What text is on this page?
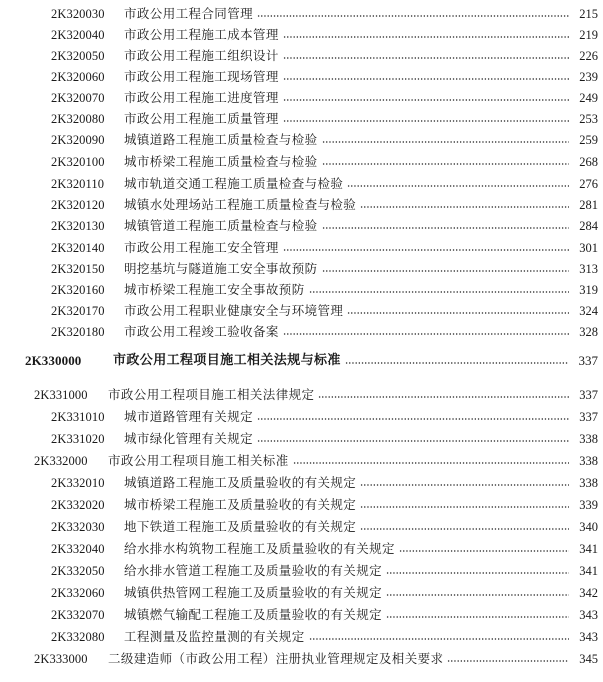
2K320030	市政公用工程合同管理	215
2K320040	市政公用工程施工成本管理	219
2K320050	市政公用工程施工组织设计	226
2K320060	市政公用工程施工现场管理	239
2K320070	市政公用工程施工进度管理	249
2K320080	市政公用工程施工质量管理	253
2K320090	城镇道路工程施工质量检查与检验	259
2K320100	城市桥梁工程施工质量检查与检验	268
2K320110	城市轨道交通工程施工质量检查与检验	276
2K320120	城镇水处理场站工程施工质量检查与检验	281
2K320130	城镇管道工程施工质量检查与检验	284
2K320140	市政公用工程施工安全管理	301
2K320150	明挖基坑与隧道施工安全事故预防	313
2K320160	城市桥梁工程施工安全事故预防	319
2K320170	市政公用工程职业健康安全与环境管理	324
2K320180	市政公用工程竣工验收备案	328
2K330000	市政公用工程项目施工相关法规与标准	337
2K331000	市政公用工程项目施工相关法律规定	337
2K331010	城市道路管理有关规定	337
2K331020	城市绿化管理有关规定	338
2K332000	市政公用工程项目施工相关标准	338
2K332010	城镇道路工程施工及质量验收的有关规定	338
2K332020	城市桥梁工程施工及质量验收的有关规定	339
2K332030	地下铁道工程施工及质量验收的有关规定	340
2K332040	给水排水构筑物工程施工及质量验收的有关规定	341
2K332050	给水排水管道工程施工及质量验收的有关规定	341
2K332060	城镇供热管网工程施工及质量验收的有关规定	342
2K332070	城镇燃气输配工程施工及质量验收的有关规定	343
2K332080	工程测量及监控量测的有关规定	343
2K333000	二级建造师（市政公用工程）注册执业管理规定及相关要求	345
